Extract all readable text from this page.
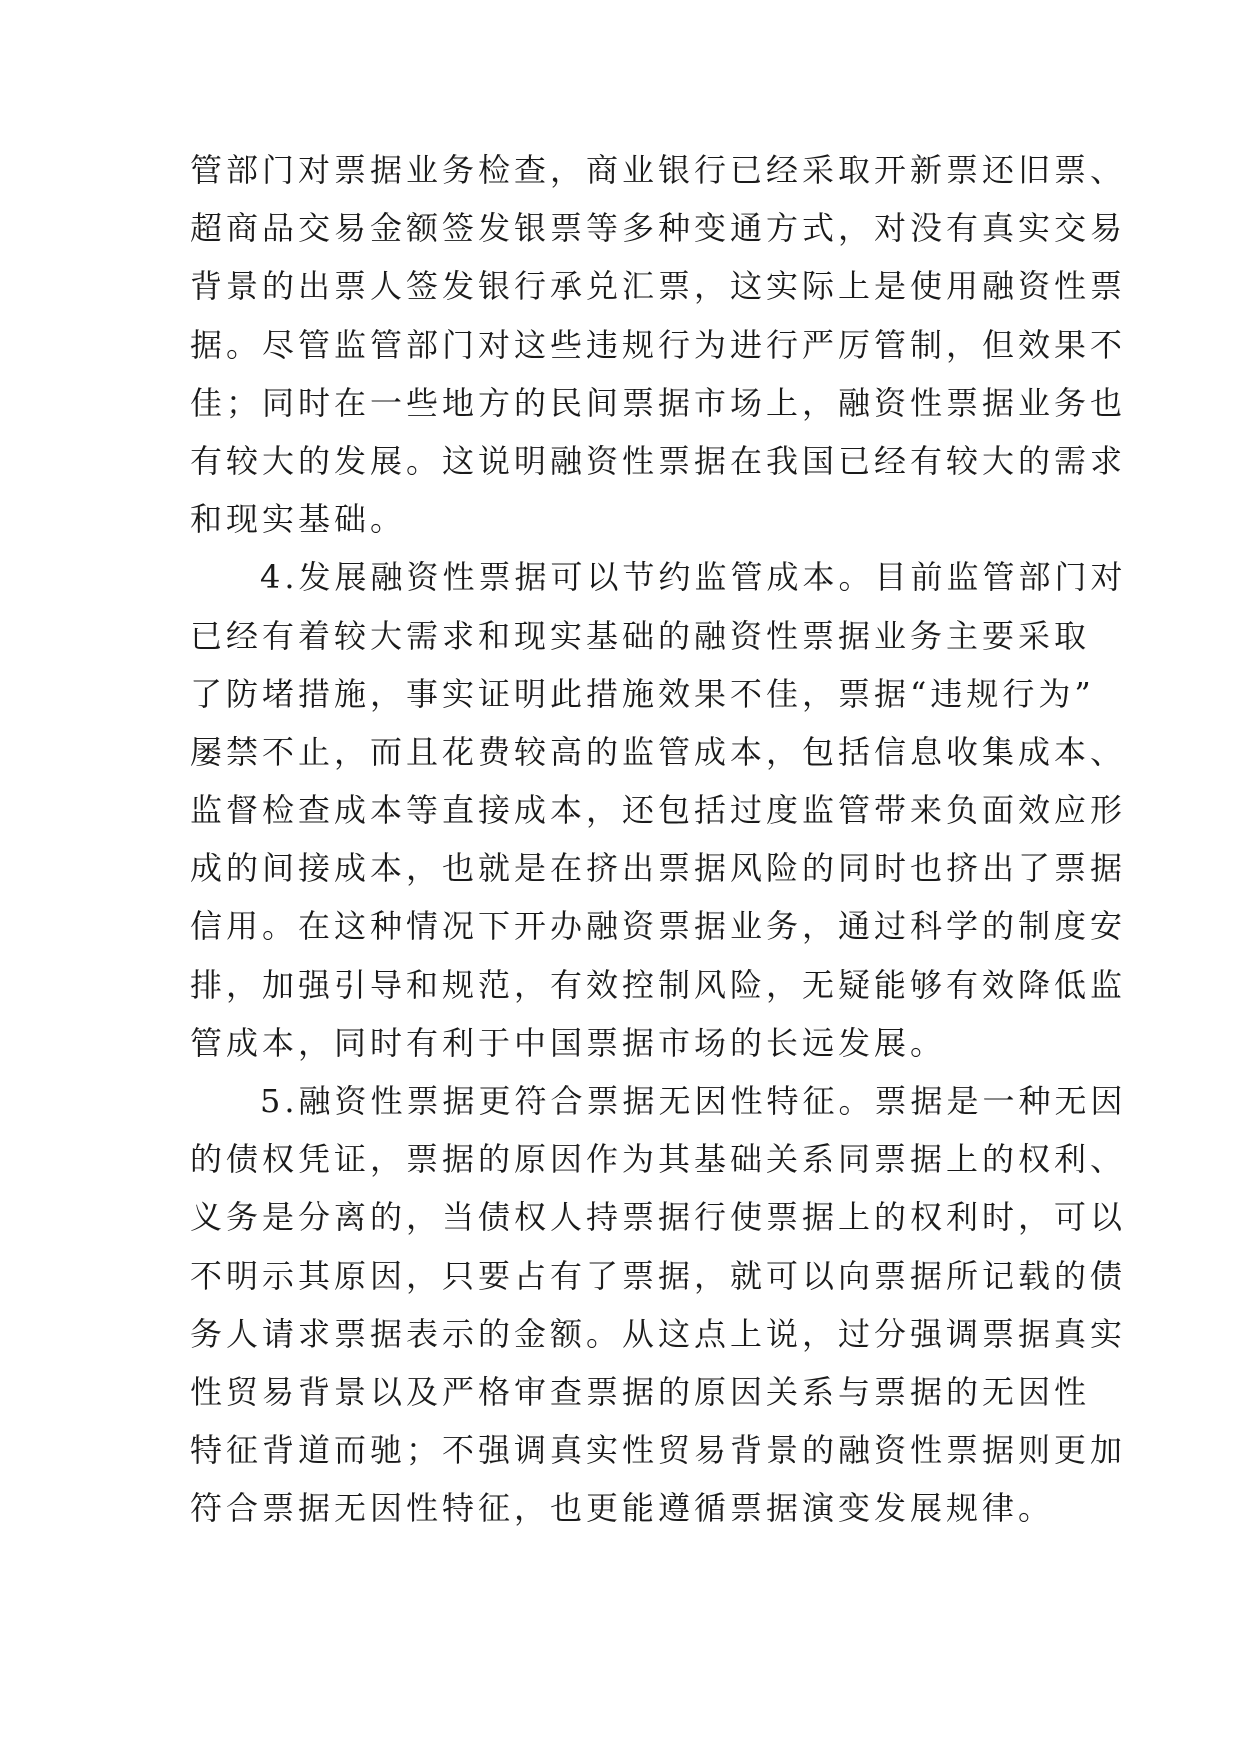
管部门对票据业务检查，商业银行已经采取开新票还旧票、
超商品交易金额签发银票等多种变通方式，对没有真实交易
背景的出票人签发银行承兑汇票，这实际上是使用融资性票
据。尽管监管部门对这些违规行为进行严厉管制，但效果不
佳；同时在一些地方的民间票据市场上，融资性票据业务也
有较大的发展。这说明融资性票据在我国已经有较大的需求
和现实基础。
4.发展融资性票据可以节约监管成本。目前监管部门对
已经有着较大需求和现实基础的融资性票据业务主要采取
了防堵措施，事实证明此措施效果不佳，票据“违规行为”
屡禁不止，而且花费较高的监管成本，包括信息收集成本、
监督检查成本等直接成本，还包括过度监管带来负面效应形
成的间接成本，也就是在挤出票据风险的同时也挤出了票据
信用。在这种情况下开办融资票据业务，通过科学的制度安
排，加强引导和规范，有效控制风险，无疑能够有效降低监
管成本，同时有利于中国票据市场的长远发展。
5.融资性票据更符合票据无因性特征。票据是一种无因
的债权凭证，票据的原因作为其基础关系同票据上的权利、
义务是分离的，当债权人持票据行使票据上的权利时，可以
不明示其原因，只要占有了票据，就可以向票据所记载的债
务人请求票据表示的金额。从这点上说，过分强调票据真实
性贸易背景以及严格审查票据的原因关系与票据的无因性
特征背道而驰；不强调真实性贸易背景的融资性票据则更加
符合票据无因性特征，也更能遵循票据演变发展规律。
